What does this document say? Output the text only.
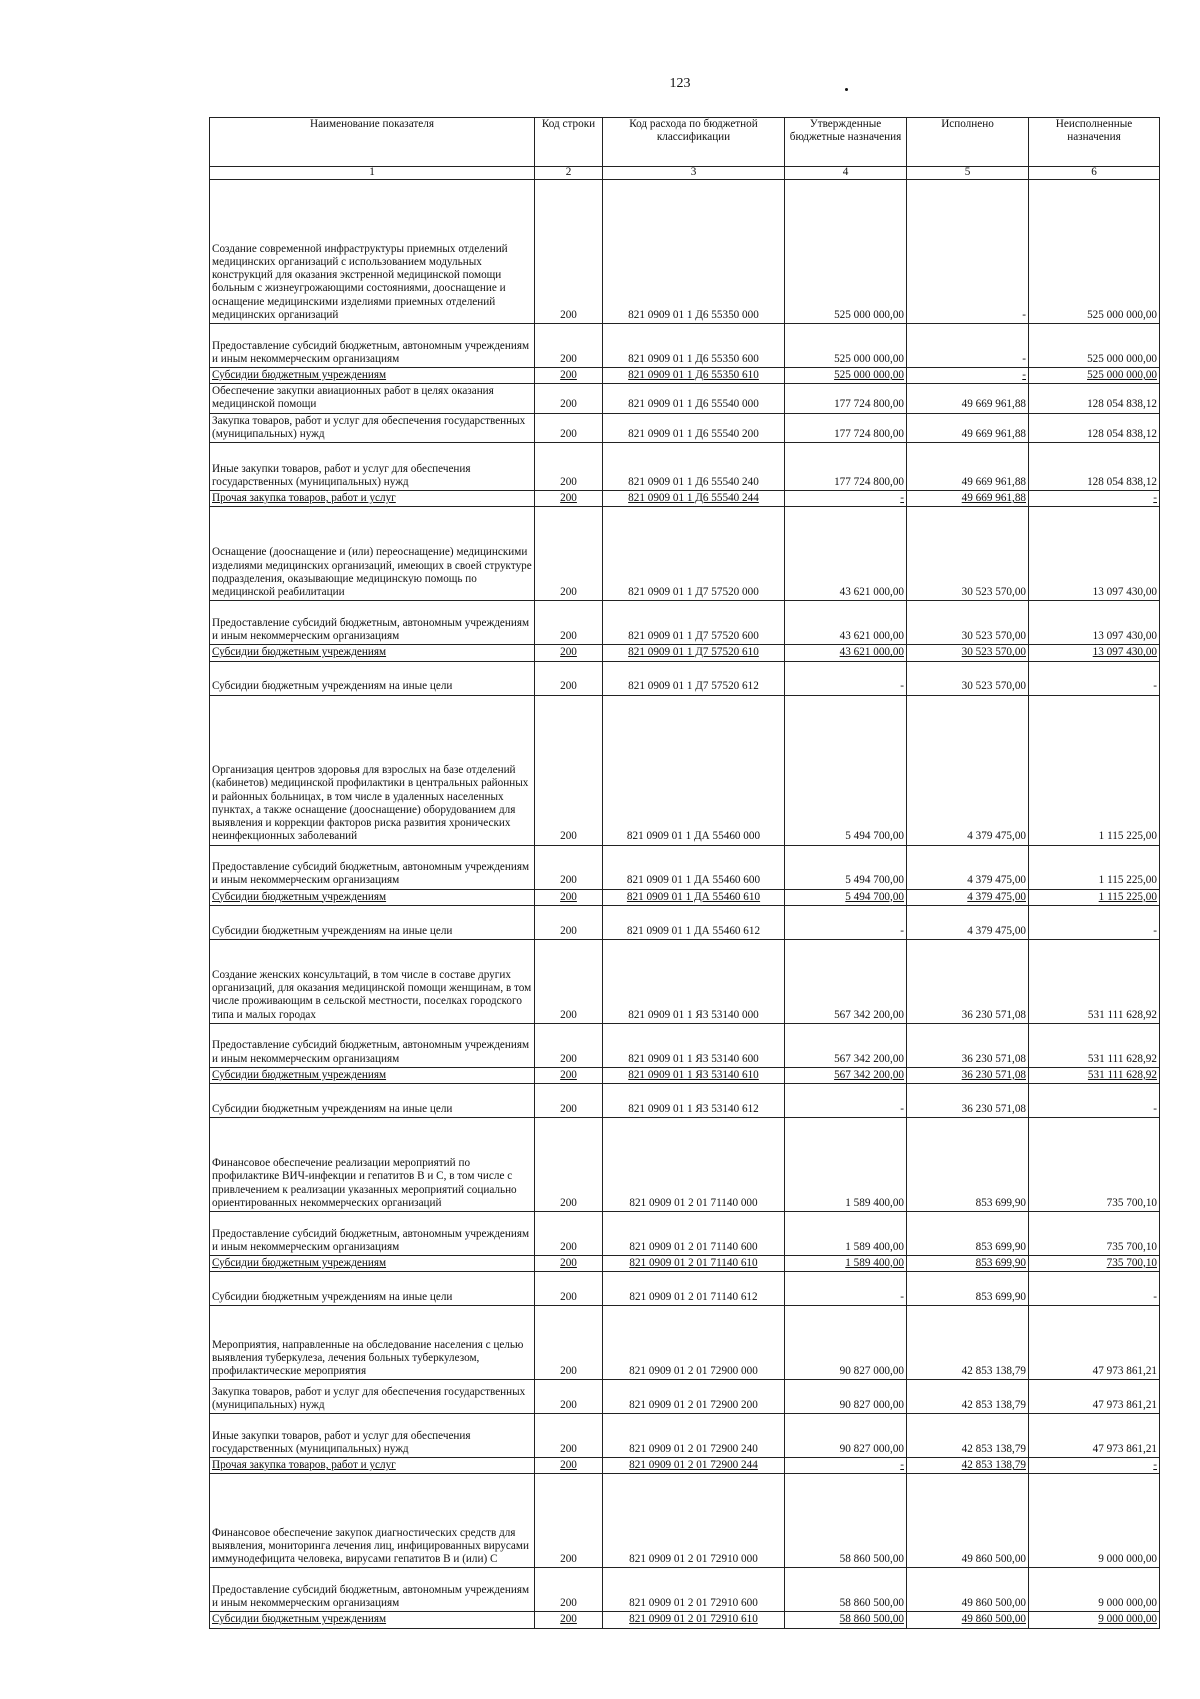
123
Наименование показателя	Код строки	Код расхода по бюджетной классификации	Утвержденные бюджетные назначения	Исполнено	Неисполненные назначения
1	2	3	4	5	6
Создание современной инфраструктуры приемных отделений медицинских организаций с использованием модульных конструкций для оказания экстренной медицинской помощи больным с жизнеугрожающими состояниями, дооснащение и оснащение медицинскими изделиями приемных отделений медицинских организаций	200	821 0909 01 1 Д6 55350 000	525 000 000,00	-	525 000 000,00
Предоставление субсидий бюджетным, автономным учреждениям и иным некоммерческим организациям	200	821 0909 01 1 Д6 55350 600	525 000 000,00	-	525 000 000,00
Субсидии бюджетным учреждениям	200	821 0909 01 1 Д6 55350 610	525 000 000,00	-	525 000 000,00
Обеспечение закупки авиационных работ в целях оказания медицинской помощи	200	821 0909 01 1 Д6 55540 000	177 724 800,00	49 669 961,88	128 054 838,12
Закупка товаров, работ и услуг для обеспечения государственных (муниципальных) нужд	200	821 0909 01 1 Д6 55540 200	177 724 800,00	49 669 961,88	128 054 838,12
Иные закупки товаров, работ и услуг для обеспечения государственных (муниципальных) нужд	200	821 0909 01 1 Д6 55540 240	177 724 800,00	49 669 961,88	128 054 838,12
Прочая закупка товаров, работ и услуг	200	821 0909 01 1 Д6 55540 244	-	49 669 961,88	-
Оснащение (дооснащение и (или) переоснащение) медицинскими изделиями медицинских организаций, имеющих в своей структуре подразделения, оказывающие медицинскую помощь по медицинской реабилитации	200	821 0909 01 1 Д7 57520 000	43 621 000,00	30 523 570,00	13 097 430,00
Предоставление субсидий бюджетным, автономным учреждениям и иным некоммерческим организациям	200	821 0909 01 1 Д7 57520 600	43 621 000,00	30 523 570,00	13 097 430,00
Субсидии бюджетным учреждениям	200	821 0909 01 1 Д7 57520 610	43 621 000,00	30 523 570,00	13 097 430,00
Субсидии бюджетным учреждениям на иные цели	200	821 0909 01 1 Д7 57520 612	-	30 523 570,00	-
Организация центров здоровья для взрослых на базе отделений (кабинетов) медицинской профилактики в центральных районных и районных больницах, в том числе в удаленных населенных пунктах, а также оснащение (дооснащение) оборудованием для выявления и коррекции факторов риска развития хронических неинфекционных заболеваний	200	821 0909 01 1 ДА 55460 000	5 494 700,00	4 379 475,00	1 115 225,00
Предоставление субсидий бюджетным, автономным учреждениям и иным некоммерческим организациям	200	821 0909 01 1 ДА 55460 600	5 494 700,00	4 379 475,00	1 115 225,00
Субсидии бюджетным учреждениям	200	821 0909 01 1 ДА 55460 610	5 494 700,00	4 379 475,00	1 115 225,00
Субсидии бюджетным учреждениям на иные цели	200	821 0909 01 1 ДА 55460 612	-	4 379 475,00	-
Создание женских консультаций, в том числе в составе других организаций, для оказания медицинской помощи женщинам, в том числе проживающим в сельской местности, поселках городского типа и малых городах	200	821 0909 01 1 Я3 53140 000	567 342 200,00	36 230 571,08	531 111 628,92
Предоставление субсидий бюджетным, автономным учреждениям и иным некоммерческим организациям	200	821 0909 01 1 Я3 53140 600	567 342 200,00	36 230 571,08	531 111 628,92
Субсидии бюджетным учреждениям	200	821 0909 01 1 Я3 53140 610	567 342 200,00	36 230 571,08	531 111 628,92
Субсидии бюджетным учреждениям на иные цели	200	821 0909 01 1 Я3 53140 612	-	36 230 571,08	-
Финансовое обеспечение реализации мероприятий по профилактике ВИЧ-инфекции и гепатитов В и С, в том числе с привлечением к реализации указанных мероприятий социально ориентированных некоммерческих организаций	200	821 0909 01 2 01 71140 000	1 589 400,00	853 699,90	735 700,10
Предоставление субсидий бюджетным, автономным учреждениям и иным некоммерческим организациям	200	821 0909 01 2 01 71140 600	1 589 400,00	853 699,90	735 700,10
Субсидии бюджетным учреждениям	200	821 0909 01 2 01 71140 610	1 589 400,00	853 699,90	735 700,10
Субсидии бюджетным учреждениям на иные цели	200	821 0909 01 2 01 71140 612	-	853 699,90	-
Мероприятия, направленные на обследование населения с целью выявления туберкулеза, лечения больных туберкулезом, профилактические мероприятия	200	821 0909 01 2 01 72900 000	90 827 000,00	42 853 138,79	47 973 861,21
Закупка товаров, работ и услуг для обеспечения государственных (муниципальных) нужд	200	821 0909 01 2 01 72900 200	90 827 000,00	42 853 138,79	47 973 861,21
Иные закупки товаров, работ и услуг для обеспечения государственных (муниципальных) нужд	200	821 0909 01 2 01 72900 240	90 827 000,00	42 853 138,79	47 973 861,21
Прочая закупка товаров, работ и услуг	200	821 0909 01 2 01 72900 244	-	42 853 138,79	-
Финансовое обеспечение закупок диагностических средств для выявления, мониторинга лечения лиц, инфицированных вирусами иммунодефицита человека, вирусами гепатитов В и (или) С	200	821 0909 01 2 01 72910 000	58 860 500,00	49 860 500,00	9 000 000,00
Предоставление субсидий бюджетным, автономным учреждениям и иным некоммерческим организациям	200	821 0909 01 2 01 72910 600	58 860 500,00	49 860 500,00	9 000 000,00
Субсидии бюджетным учреждениям	200	821 0909 01 2 01 72910 610	58 860 500,00	49 860 500,00	9 000 000,00
